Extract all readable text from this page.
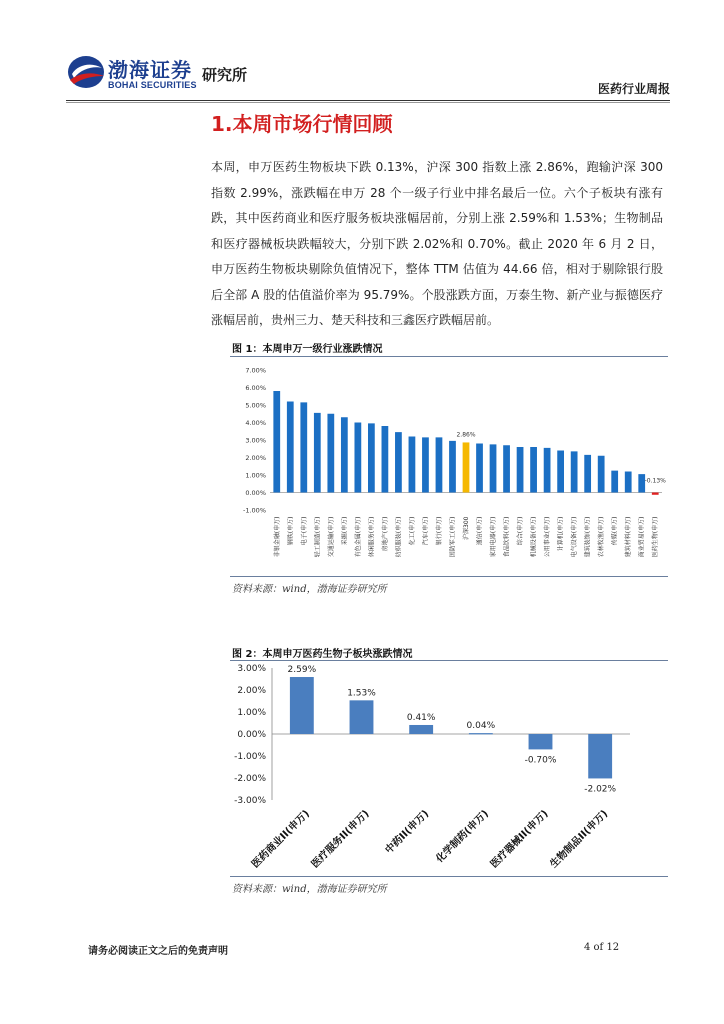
渤海证券
BOHAI SECURITIES
研究所
医药行业周报
1.本周市场行情回顾
本周，申万医药生物板块下跌 0.13%，沪深 300 指数上涨 2.86%，跑输沪深 300 指数 2.99%，涨跌幅在申万 28 个一级子行业中排名最后一位。六个子板块有涨有跌，其中医药商业和医疗服务板块涨幅居前，分别上涨 2.59%和 1.53%；生物制品和医疗器械板块跌幅较大，分别下跌 2.02%和 0.70%。截止 2020 年 6 月 2 日，申万医药生物板块剔除负值情况下，整体 TTM 估值为 44.66 倍，相对于剔除银行股后全部 A 股的估值溢价率为 95.79%。个股涨跌方面，万泰生物、新产业与振德医疗涨幅居前，贵州三力、楚天科技和三鑫医疗跌幅居前。
图 1：本周申万一级行业涨跌情况
-1.00%
0.00%
1.00%
2.00%
3.00%
4.00%
5.00%
6.00%
7.00%
非银金融(申万) 钢铁(申万) 电子(申万) 轻工制造(申万) 交通运输(申万) 采掘(申万) 有色金属(申万) 休闲服务(申万) 房地产(申万) 纺织服装(申万) 化工(申万) 汽车(申万) 银行(申万) 国防军工(申万) 沪深300
2.86%
通信(申万) 家用电器(申万) 食品饮料(申万) 综合(申万) 机械设备(申万) 公用事业(申万) 计算机(申万) 电气设备(申万) 建筑装饰(申万) 农林牧渔(申万) 传媒(申万) 建筑材料(申万) 商业贸易(申万) 医药生物(申万)
-0.13%
资料来源：wind，渤海证券研究所
图 2：本周申万医药生物子板块涨跌情况
-3.00%
-2.00%
-1.00%
0.00%
1.00%
2.00%
3.00% 2.59%
医药商业II(申万)
1.53%
医疗服务II(申万)
0.41%
中药II(申万)
0.04%
化学制药(申万)
-0.70%
医疗器械II(申万)
-2.02%
生物制品II(申万)
资料来源：wind，渤海证券研究所
请务必阅读正文之后的免责声明	4 of 12
